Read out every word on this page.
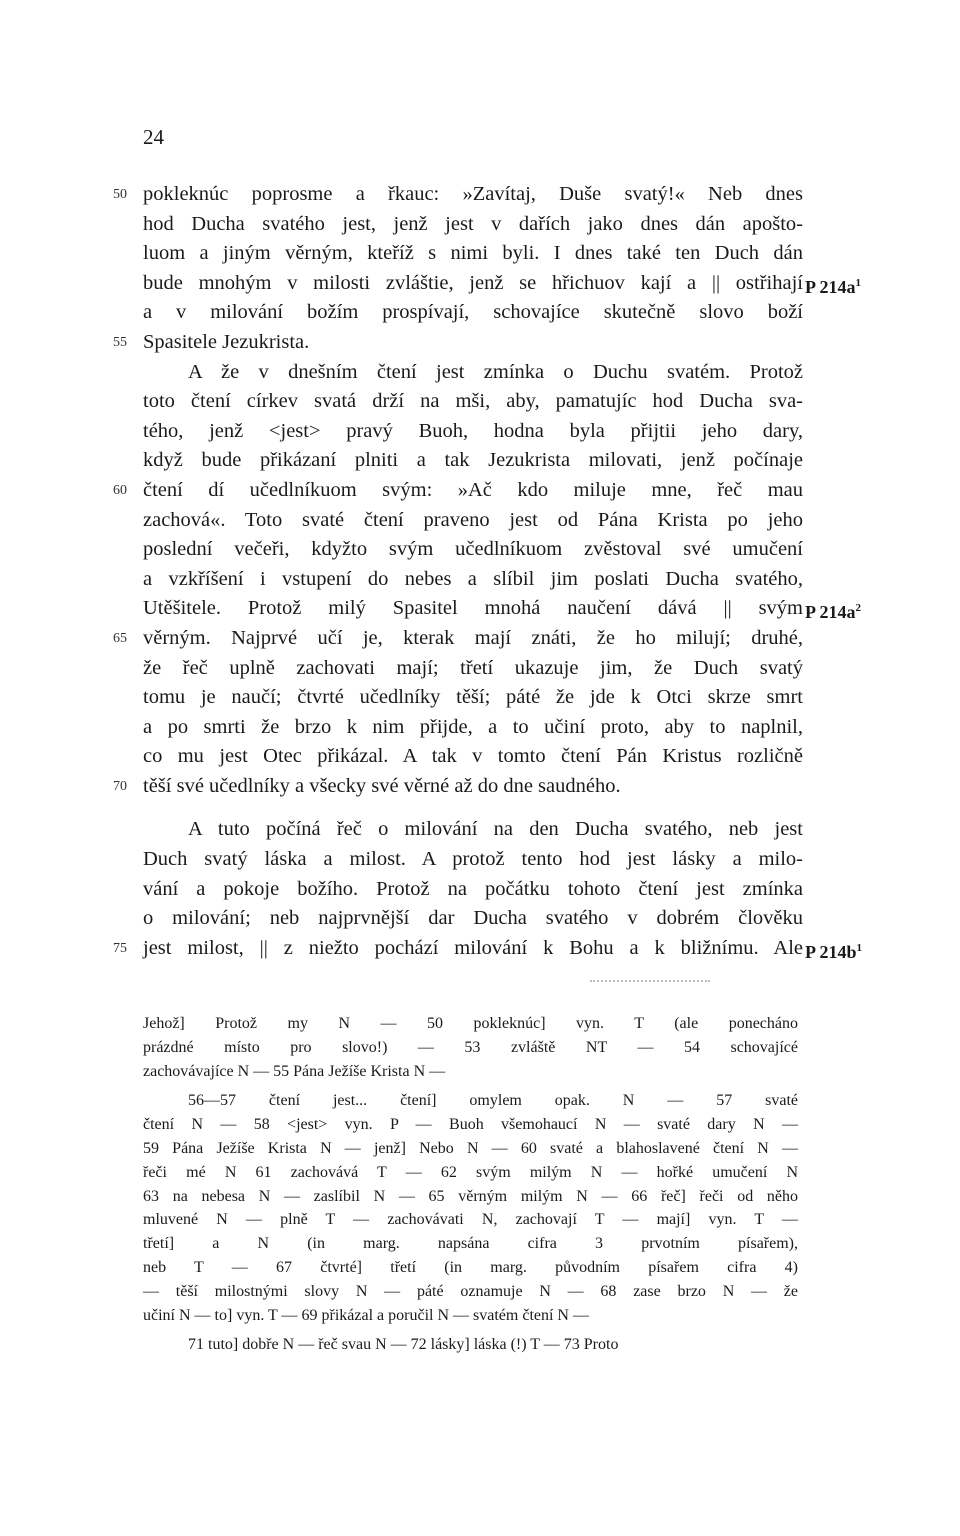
24
50 pokleknúc poprosme a řkauc: »Zavítaj, Duše svatý!« Neb dnes
hod Ducha svatého jest, jenž jest v dařích jako dnes dán apošto-
luom a jiným věrným, kteříž s nimi byli. I dnes také ten Duch dán
bude mnohým v milosti zvláštie, jenž se hřichuov kají a || ostřihají P $214a^1$
a v milování božím prospívají, schovajíce skutečně slovo boží
55 Spasitele Jezukrista.
A že v dnešním čtení jest zmínka o Duchu svatém. Protož
toto čtení církev svatá drží na mši, aby, pamatujíc hod Ducha sva-
tého, jenž <jest> pravý Buoh, hodna byla přijtii jeho dary,
když bude přikázaní plniti a tak Jezukrista milovati, jenž počínaje
60 čtení dí učedlníkuom svým: »Ač kdo miluje mne, řeč mau
zachová«. Toto svaté čtení praveno jest od Pána Krista po jeho
poslední večeři, kdyžto svým učedlníkuom zvěstoval své umučení
a vzkříšení i vstupení do nebes a slíbil jim poslati Ducha svatého,
Utěšitele. Protož milý Spasitel mnohá naučení dává || svým P $214a^2$
65 věrným. Najprvé učí je, kterak mají znáti, že ho milují; druhé,
že řeč uplně zachovati mají; třetí ukazuje jim, že Duch svatý
tomu je naučí; čtvrté učedlníky těší; páté že jde k Otci skrze smrt
a po smrti že brzo k nim přijde, a to učiní proto, aby to naplnil,
co mu jest Otec přikázal. A tak v tomto čtení Pán Kristus rozličně
70 těší své učedlníky a všecky své věrné až do dne saudného.
A tuto počíná řeč o milování na den Ducha svatého, neb jest
Duch svatý láska a milost. A protož tento hod jest lásky a milo-
vání a pokoje božího. Protož na počátku tohoto čtení jest zmínka
o milování; neb najprvnější dar Ducha svatého v dobrém člověku
75 jest milost, || z niežto pochází milování k Bohu a k bližnímu. Ale P $214b^1$
Jehož] Protož my N — 50 pokleknúc] vyn. T (ale ponecháno
prázdné místo pro slovo!) — 53 zvláště NT — 54 schovajícé
zachovávajíce N — 55 Pána Ježíše Krista N —
56—57 čtení jest... čtení] omylem opak. N — 57 svaté
čtení N — 58 <jest> vyn. P — Buoh všemohaucí N — svaté dary N —
59 Pána Ježíše Krista N — jenž] Nebo N — 60 svaté a blahoslavené čtení N —
řeči mé N 61 zachovává T — 62 svým milým N — hořké umučení N
63 na nebesa N — zaslíbil N — 65 věrným milým N — 66 řeč] řeči od něho
mluvené N — plně T — zachovávati N, zachovají T — mají] vyn. T —
třetí] a N (in marg. napsána cifra 3 prvotním písařem),
neb T — 67 čtvrté] třetí (in marg. původním písařem cifra 4)
— těší milostnými slovy N — páté oznamuje N — 68 zase brzo N — že
učiní N — to] vyn. T — 69 přikázal a poručil N — svatém čtení N —
71 tuto] dobře N — řeč svau N — 72 lásky] láska (!) T — 73 Proto
